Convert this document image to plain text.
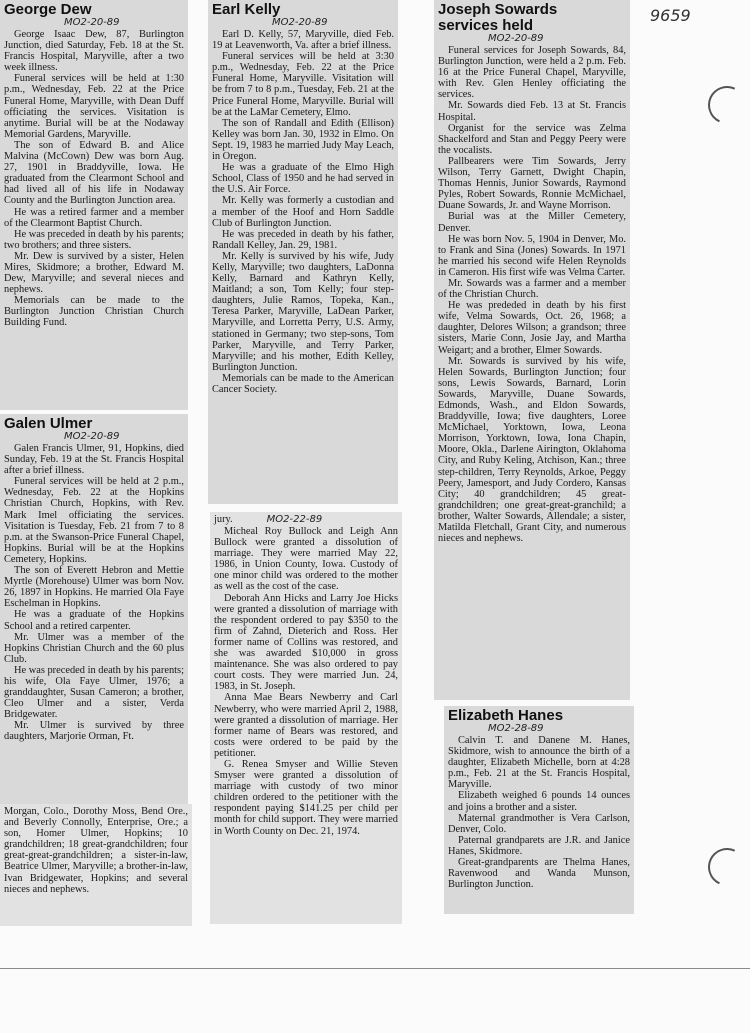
9659
George Dew
MO2-20-89

George Isaac Dew, 87, Burlington Junction, died Saturday, Feb. 18 at the St. Francis Hospital, Maryville, after a two week illness.

Funeral services will be held at 1:30 p.m., Wednesday, Feb. 22 at the Price Funeral Home, Maryville, with Dean Duff officiating the services. Visitation is anytime. Burial will be at the Nodaway Memorial Gardens, Maryville.

The son of Edward B. and Alice Malvina (McCown) Dew was born Aug. 27, 1901 in Braddyville, Iowa. He graduated from the Clearmont School and had lived all of his life in Nodaway County and the Burlington Junction area.

He was a retired farmer and a member of the Clearmont Baptist Church.

He was preceded in death by his parents; two brothers; and three sisters.

Mr. Dew is survived by a sister, Helen Mires, Skidmore; a brother, Edward M. Dew, Maryville; and several nieces and nephews.

Memorials can be made to the Burlington Junction Christian Church Building Fund.

Galen Ulmer
MO2-20-89

Galen Francis Ulmer, 91, Hopkins, died Sunday, Feb. 19 at the St. Francis Hospital after a brief illness.

Funeral services will be held at 2 p.m., Wednesday, Feb. 22 at the Hopkins Christian Church, Hopkins, with Rev. Mark Imel officiating the services. Visitation is Tuesday, Feb. 21 from 7 to 8 p.m. at the Swanson-Price Funeral Chapel, Hopkins. Burial will be at the Hopkins Cemetery, Hopkins.

The son of Everett Hebron and Mettie Myrtle (Morehouse) Ulmer was born Nov. 26, 1897 in Hopkins. He married Ola Faye Eschelman in Hopkins.

He was a graduate of the Hopkins School and a retired carpenter.

Mr. Ulmer was a member of the Hopkins Christian Church and the 60 plus Club.

He was preceded in death by his parents; his wife, Ola Faye Ulmer, 1976; a granddaughter, Susan Cameron; a brother, Cleo Ulmer and a sister, Verda Bridgewater.

Mr. Ulmer is survived by three daughters, Marjorie Orman, Ft.

Morgan, Colo., Dorothy Moss, Bend Ore., and Beverly Connolly, Enterprise, Ore.; a son, Homer Ulmer, Hopkins; 10 grandchildren; 18 great-grandchildren; four great-great-grandchildren; a sister-in-law, Beatrice Ulmer, Maryville; a brother-in-law, Ivan Bridgewater, Hopkins; and several nieces and nephews.

Earl Kelly
MO2-20-89

Earl D. Kelly, 57, Maryville, died Feb. 19 at Leavenworth, Va. after a brief illness.

Funeral services will be held at 3:30 p.m., Wednesday, Feb. 22 at the Price Funeral Home, Maryville. Visitation will be from 7 to 8 p.m., Tuesday, Feb. 21 at the Price Funeral Home, Maryville. Burial will be at the LaMar Cemetery, Elmo.

The son of Randall and Edith (Ellison) Kelley was born Jan. 30, 1932 in Elmo. On Sept. 19, 1983 he married Judy May Leach, in Oregon.

He was a graduate of the Elmo High School, Class of 1950 and he had served in the U.S. Air Force.

Mr. Kelly was formerly a custodian and a member of the Hoof and Horn Saddle Club of Burlington Junction.

He was preceded in death by his father, Randall Kelley, Jan. 29, 1981.

Mr. Kelly is survived by his wife, Judy Kelly, Maryville; two daughters, LaDonna Kelly, Barnard and Kathryn Kelly, Maitland; a son, Tom Kelly; four step-daughters, Julie Ramos, Topeka, Kan., Teresa Parker, Maryville, LaDean Parker, Maryville, and Lorretta Perry, U.S. Army, stationed in Germany; two step-sons, Tom Parker, Maryville, and Terry Parker, Maryville; and his mother, Edith Kelley, Burlington Junction.

Memorials can be made to the American Cancer Society.

jury.	MO2-22-89

Micheal Roy Bullock and Leigh Ann Bullock were granted a dissolution of marriage. They were married May 22, 1986, in Union County, Iowa. Custody of one minor child was ordered to the mother as well as the cost of the case.

Deborah Ann Hicks and Larry Joe Hicks were granted a dissolution of marriage with the respondent ordered to pay $350 to the firm of Zahnd, Dieterich and Ross. Her former name of Collins was restored, and she was awarded $10,000 in gross maintenance. She was also ordered to pay court costs. They were married Jun. 24, 1983, in St. Joseph.

Anna Mae Bears Newberry and Carl Newberry, who were married April 2, 1988, were granted a dissolution of marriage. Her former name of Bears was restored, and costs were ordered to be paid by the petitioner.

G. Renea Smyser and Willie Steven Smyser were granted a dissolution of marriage with custody of two minor children ordered to the petitioner with the respondent paying $141.25 per child per month for child support. They were married in Worth County on Dec. 21, 1974.

Joseph Sowards services held
MO2-20-89

Funeral services for Joseph Sowards, 84, Burlington Junction, were held a 2 p.m. Feb. 16 at the Price Funeral Chapel, Maryville, with Rev. Glen Henley officiating the services.

Mr. Sowards died Feb. 13 at St. Francis Hospital.

Organist for the service was Zelma Shackelford and Stan and Peggy Peery were the vocalists.

Pallbearers were Tim Sowards, Jerry Wilson, Terry Garnett, Dwight Chapin, Thomas Hennis, Junior Sowards, Raymond Pyles, Robert Sowards, Ronnie McMichael, Duane Sowards, Jr. and Wayne Morrison.

Burial was at the Miller Cemetery, Denver.

He was born Nov. 5, 1904 in Denver, Mo. to Frank and Sina (Jones) Sowards. In 1971 he married his second wife Helen Reynolds in Cameron. His first wife was Velma Carter.

Mr. Sowards was a farmer and a member of the Christian Church.

He was prededed in death by his first wife, Velma Sowards, Oct. 26, 1968; a daughter, Delores Wilson; a grandson; three sisters, Marie Conn, Josie Jay, and Martha Weigart; and a brother, Elmer Sowards.

Mr. Sowards is survived by his wife, Helen Sowards, Burlington Junction; four sons, Lewis Sowards, Barnard, Lorin Sowards, Maryville, Duane Sowards, Edmonds, Wash., and Eldon Sowards, Braddyville, Iowa; five daughters, Loree McMichael, Yorktown, Iowa, Leona Morrison, Yorktown, Iowa, Iona Chapin, Moore, Okla., Darlene Airington, Oklahoma City, and Ruby Keling, Atchison, Kan.; three step-children, Terry Reynolds, Arkoe, Peggy Peery, Jamesport, and Judy Cordero, Kansas City; 40 grandchildren; 45 great-grandchildren; one great-great-granchild; a brother, Walter Sowards, Allendale; a sister, Matilda Fletchall, Grant City, and numerous nieces and nephews.

Elizabeth Hanes
MO2-28-89

Calvin T. and Danene M. Hanes, Skidmore, wish to announce the birth of a daughter, Elizabeth Michelle, born at 4:28 p.m., Feb. 21 at the St. Francis Hospital, Maryville.

Elizabeth weighed 6 pounds 14 ounces and joins a brother and a sister.

Maternal grandmother is Vera Carlson, Denver, Colo.

Paternal grandparets are J.R. and Janice Hanes, Skidmore.

Great-grandparents are Thelma Hanes, Ravenwood and Wanda Munson, Burlington Junction.
